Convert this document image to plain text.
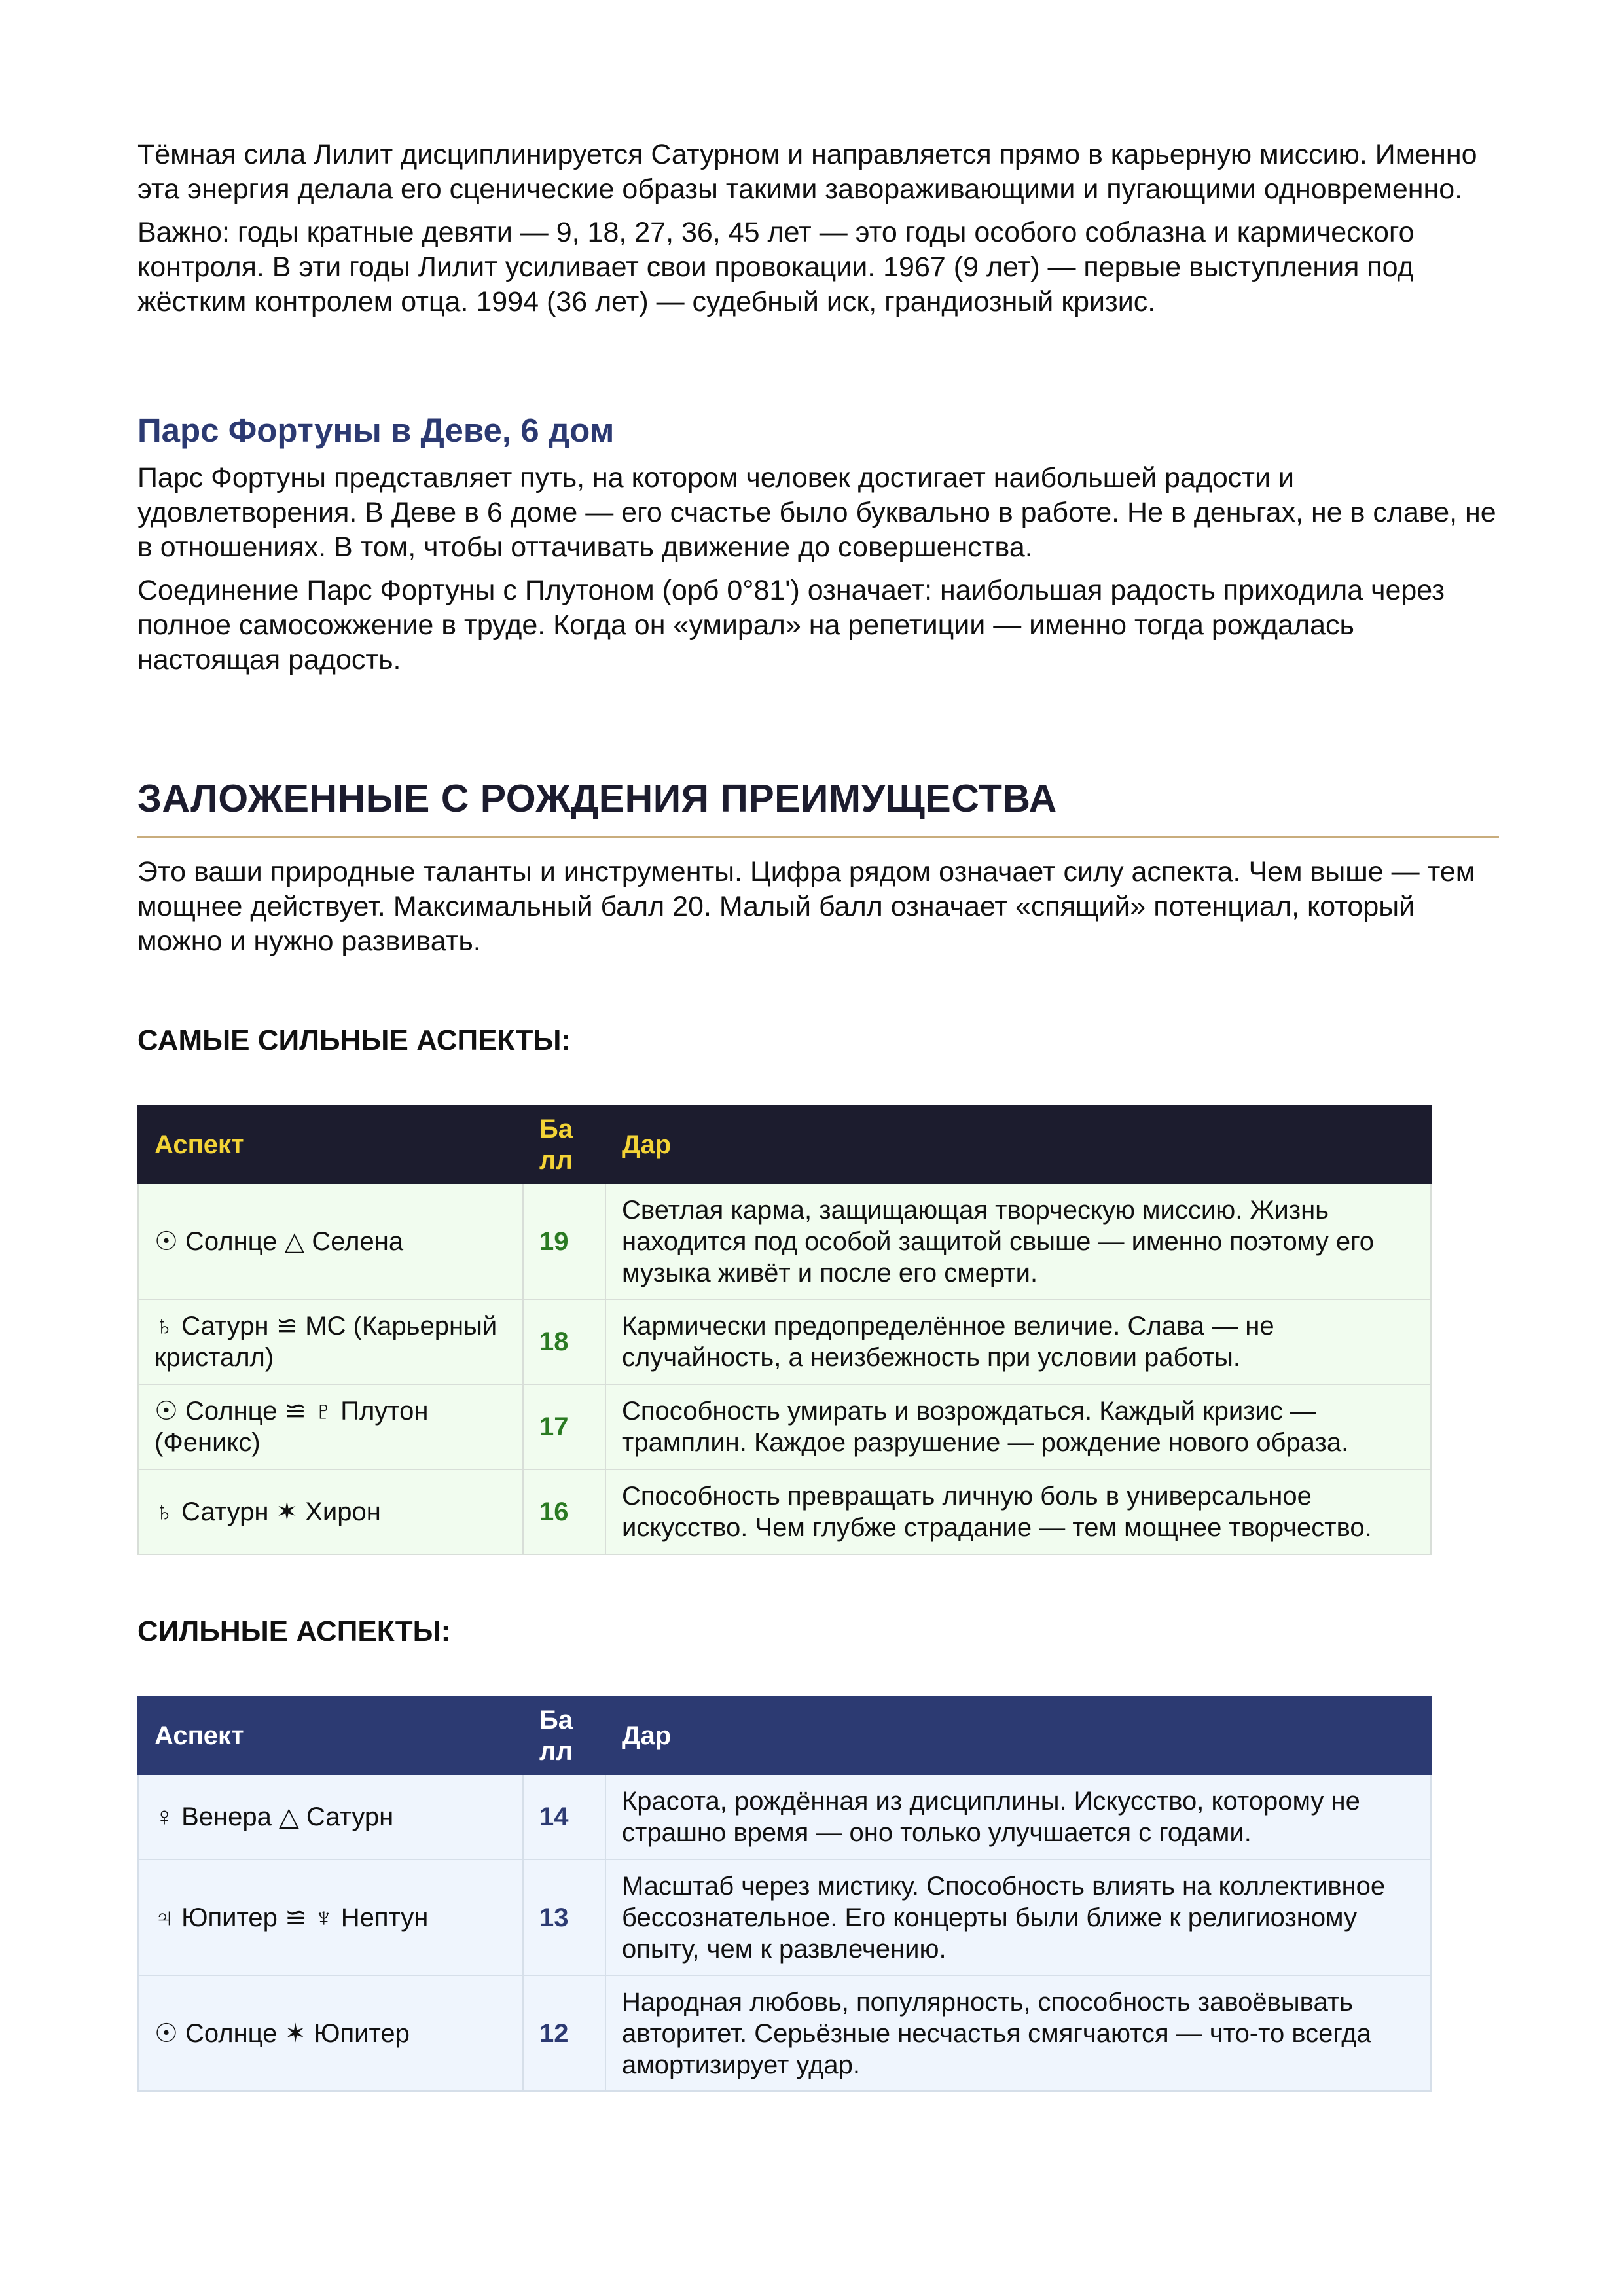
Тёмная сила Лилит дисциплинируется Сатурном и направляется прямо в карьерную миссию. Именно эта энергия делала его сценические образы такими завораживающими и пугающими одновременно.

Важно: годы кратные девяти — 9, 18, 27, 36, 45 лет — это годы особого соблазна и кармического контроля. В эти годы Лилит усиливает свои провокации. 1967 (9 лет) — первые выступления под жёстким контролем отца. 1994 (36 лет) — судебный иск, грандиозный кризис.

Парс Фортуны в Деве, 6 дом

Парс Фортуны представляет путь, на котором человек достигает наибольшей радости и удовлетворения. В Деве в 6 доме — его счастье было буквально в работе. Не в деньгах, не в славе, не в отношениях. В том, чтобы оттачивать движение до совершенства.

Соединение Парс Фортуны с Плутоном (орб 0°81') означает: наибольшая радость приходила через полное самосожжение в труде. Когда он «умирал» на репетиции — именно тогда рождалась настоящая радость.

ЗАЛОЖЕННЫЕ С РОЖДЕНИЯ ПРЕИМУЩЕСТВА

Это ваши природные таланты и инструменты. Цифра рядом означает силу аспекта. Чем выше — тем мощнее действует. Максимальный балл 20. Малый балл означает «спящий» потенциал, который можно и нужно развивать.

САМЫЕ СИЛЬНЫЕ АСПЕКТЫ:
Аспект	Ба лл	Дар
☉ Солнце △ Селена	19	Светлая карма, защищающая творческую миссию. Жизнь находится под особой защитой свыше — именно поэтому его музыка живёт и после его смерти.
♄ Сатурн ≌ MC (Карьерный кристалл)	18	Кармически предопределённое величие. Слава — не случайность, а неизбежность при условии работы.
☉ Солнце ≌ ♇ Плутон (Феникс)	17	Способность умирать и возрождаться. Каждый кризис — трамплин. Каждое разрушение — рождение нового образа.
♄ Сатурн ✶ Хирон	16	Способность превращать личную боль в универсальное искусство. Чем глубже страдание — тем мощнее творчество.
СИЛЬНЫЕ АСПЕКТЫ:
Аспект	Ба лл	Дар
♀ Венера △ Сатурн	14	Красота, рождённая из дисциплины. Искусство, которому не страшно время — оно только улучшается с годами.
♃ Юпитер ≌ ♆ Нептун	13	Масштаб через мистику. Способность влиять на коллективное бессознательное. Его концерты были ближе к религиозному опыту, чем к развлечению.
☉ Солнце ✶ Юпитер	12	Народная любовь, популярность, способность завоёвывать авторитет. Серьёзные несчастья смягчаются — что-то всегда амортизирует удар.
